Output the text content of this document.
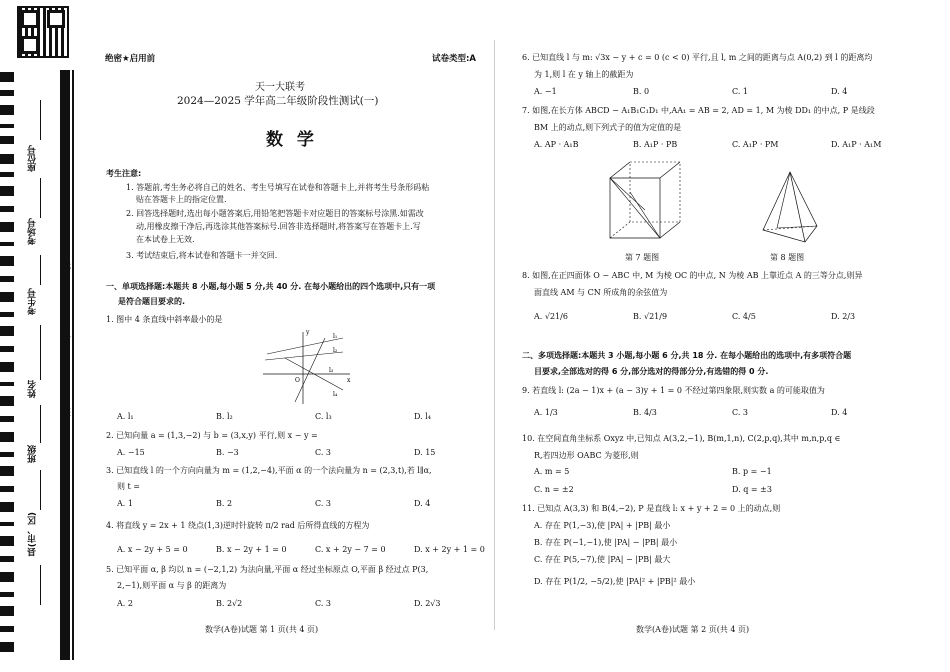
座位号
考场号
考生号
姓名
班级
县(市、区)
线
订
装
绝密★启用前	试卷类型:A
天一大联考
2024—2025 学年高二年级阶段性测试(一)
数 学
考生注意:
1. 答题前,考生务必将自己的姓名、考生号填写在试卷和答题卡上,并将考生号条形码粘
贴在答题卡上的指定位置.
2. 回答选择题时,选出每小题答案后,用铅笔把答题卡对应题目的答案标号涂黑.如需改
动,用橡皮擦干净后,再选涂其他答案标号.回答非选择题时,将答案写在答题卡上.写
在本试卷上无效.
3. 考试结束后,将本试卷和答题卡一并交回.
一、单项选择题:本题共 8 小题,每小题 5 分,共 40 分. 在每小题给出的四个选项中,只有一项
是符合题目要求的.
1. 图中 4 条直线中斜率最小的是
l₁
l₂
l₃
l₄
y
x
O
A. l₁	B. l₂	C. l₃	D. l₄
2. 已知向量 a = (1,3,−2) 与 b = (3,x,y) 平行,则 x − y =
A. −15	B. −3	C. 3	D. 15
3. 已知直线 l 的一个方向向量为 m = (1,2,−4),平面 α 的一个法向量为 n = (2,3,t),若 l∥α,
则 t =
A. 1	B. 2	C. 3	D. 4
4. 将直线 y = 2x + 1 绕点(1,3)逆时针旋转 π/2 rad 后所得直线的方程为
A. x − 2y + 5 = 0	B. x − 2y + 1 = 0	C. x + 2y − 7 = 0	D. x + 2y + 1 = 0
5. 已知平面 α, β 均以 n = (−2,1,2) 为法向量,平面 α 经过坐标原点 O,平面 β 经过点 P(3,
2,−1),则平面 α 与 β 的距离为
A. 2	B. 2√2	C. 3	D. 2√3
数学(A卷)试题 第 1 页(共 4 页)
6. 已知直线 l 与 m: √3x − y + c = 0 (c < 0) 平行,且 l, m 之间的距离与点 A(0,2) 到 l 的距离均
为 1,则 l 在 y 轴上的截距为
A. −1	B. 0	C. 1	D. 4
7. 如图,在长方体 ABCD − A₁B₁C₁D₁ 中,AA₁ = AB = 2, AD = 1, M 为棱 DD₁ 的中点, P 是线段
BM 上的动点,则下列式子的值为定值的是
A. AP · A₁B	B. A₁P · PB	C. A₁P · PM	D. A₁P · A₁M
第 7 题图	第 8 题图
8. 如图,在正四面体 O − ABC 中, M 为棱 OC 的中点, N 为棱 AB 上靠近点 A 的三等分点,则异
面直线 AM 与 CN 所成角的余弦值为
A. √21/6	B. √21/9	C. 4/5	D. 2/3
二、多项选择题:本题共 3 小题,每小题 6 分,共 18 分. 在每小题给出的选项中,有多项符合题
目要求,全部选对的得 6 分,部分选对的得部分分,有选错的得 0 分.
9. 若直线 l: (2a − 1)x + (a − 3)y + 1 = 0 不经过第四象限,则实数 a 的可能取值为
A. 1/3	B. 4/3	C. 3	D. 4
10. 在空间直角坐标系 Oxyz 中,已知点 A(3,2,−1), B(m,1,n), C(2,p,q),其中 m,n,p,q ∈
R,若四边形 OABC 为菱形,则
A. m = 5	B. p = −1
C. n = ±2	D. q = ±3
11. 已知点 A(3,3) 和 B(4,−2), P 是直线 l: x + y + 2 = 0 上的动点,则
A. 存在 P(1,−3),使 |PA| + |PB| 最小
B. 存在 P(−1,−1),使 |PA| − |PB| 最小
C. 存在 P(5,−7),使 |PA| − |PB| 最大
D. 存在 P(1/2, −5/2),使 |PA|² + |PB|² 最小
数学(A卷)试题 第 2 页(共 4 页)
